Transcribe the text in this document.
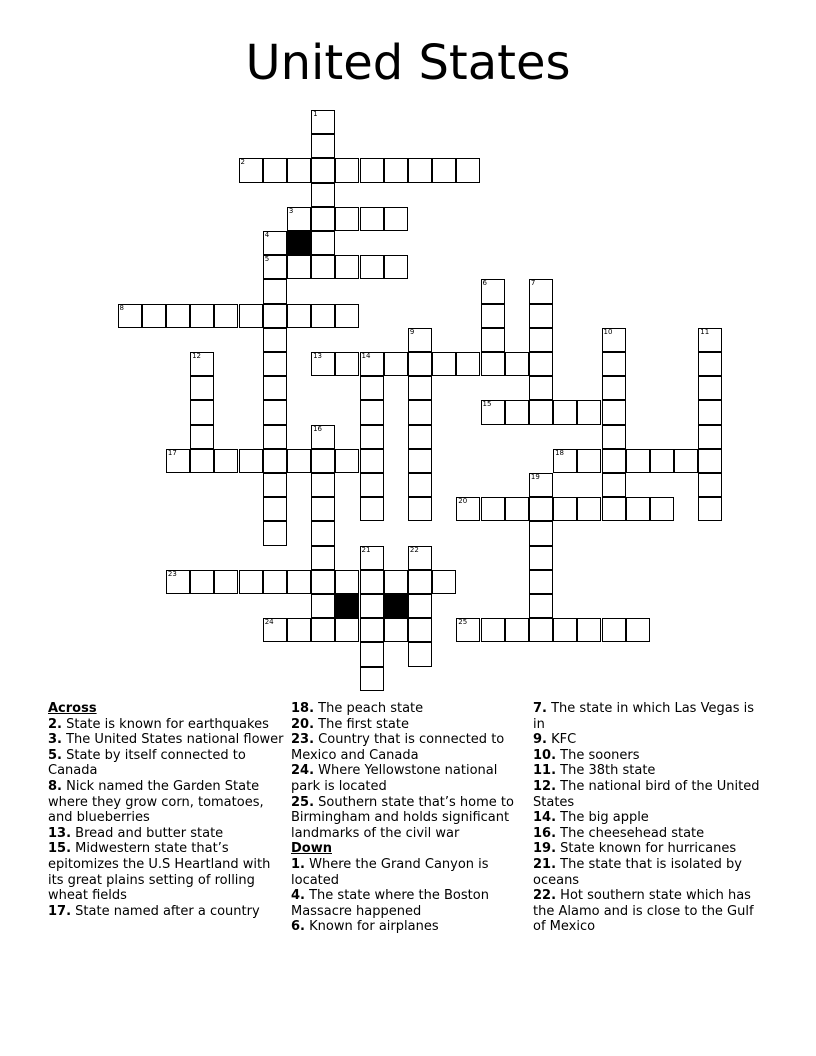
United States
1
2
3
4
5
6	7
8
9	10	11
12	13	14
15
16
17	18
19
20
21	22
23
24	25
Across
2. State is known for earthquakes
3. The United States national flower
5. State by itself connected to Canada
8. Nick named the Garden State where they grow corn, tomatoes, and blueberries
13. Bread and butter state
15. Midwestern state that’s epitomizes the U.S Heartland with its great plains setting of rolling wheat fields
17. State named after a country
18. The peach state
20. The first state
23. Country that is connected to Mexico and Canada
24. Where Yellowstone national park is located
25. Southern state that’s home to Birmingham and holds significant landmarks of the civil war
Down
1. Where the Grand Canyon is located
4. The state where the Boston Massacre happened
6. Known for airplanes
7. The state in which Las Vegas is in
9. KFC
10. The sooners
11. The 38th state
12. The national bird of the United States
14. The big apple
16. The cheesehead state
19. State known for hurricanes
21. The state that is isolated by oceans
22. Hot southern state which has the Alamo and is close to the Gulf of Mexico
